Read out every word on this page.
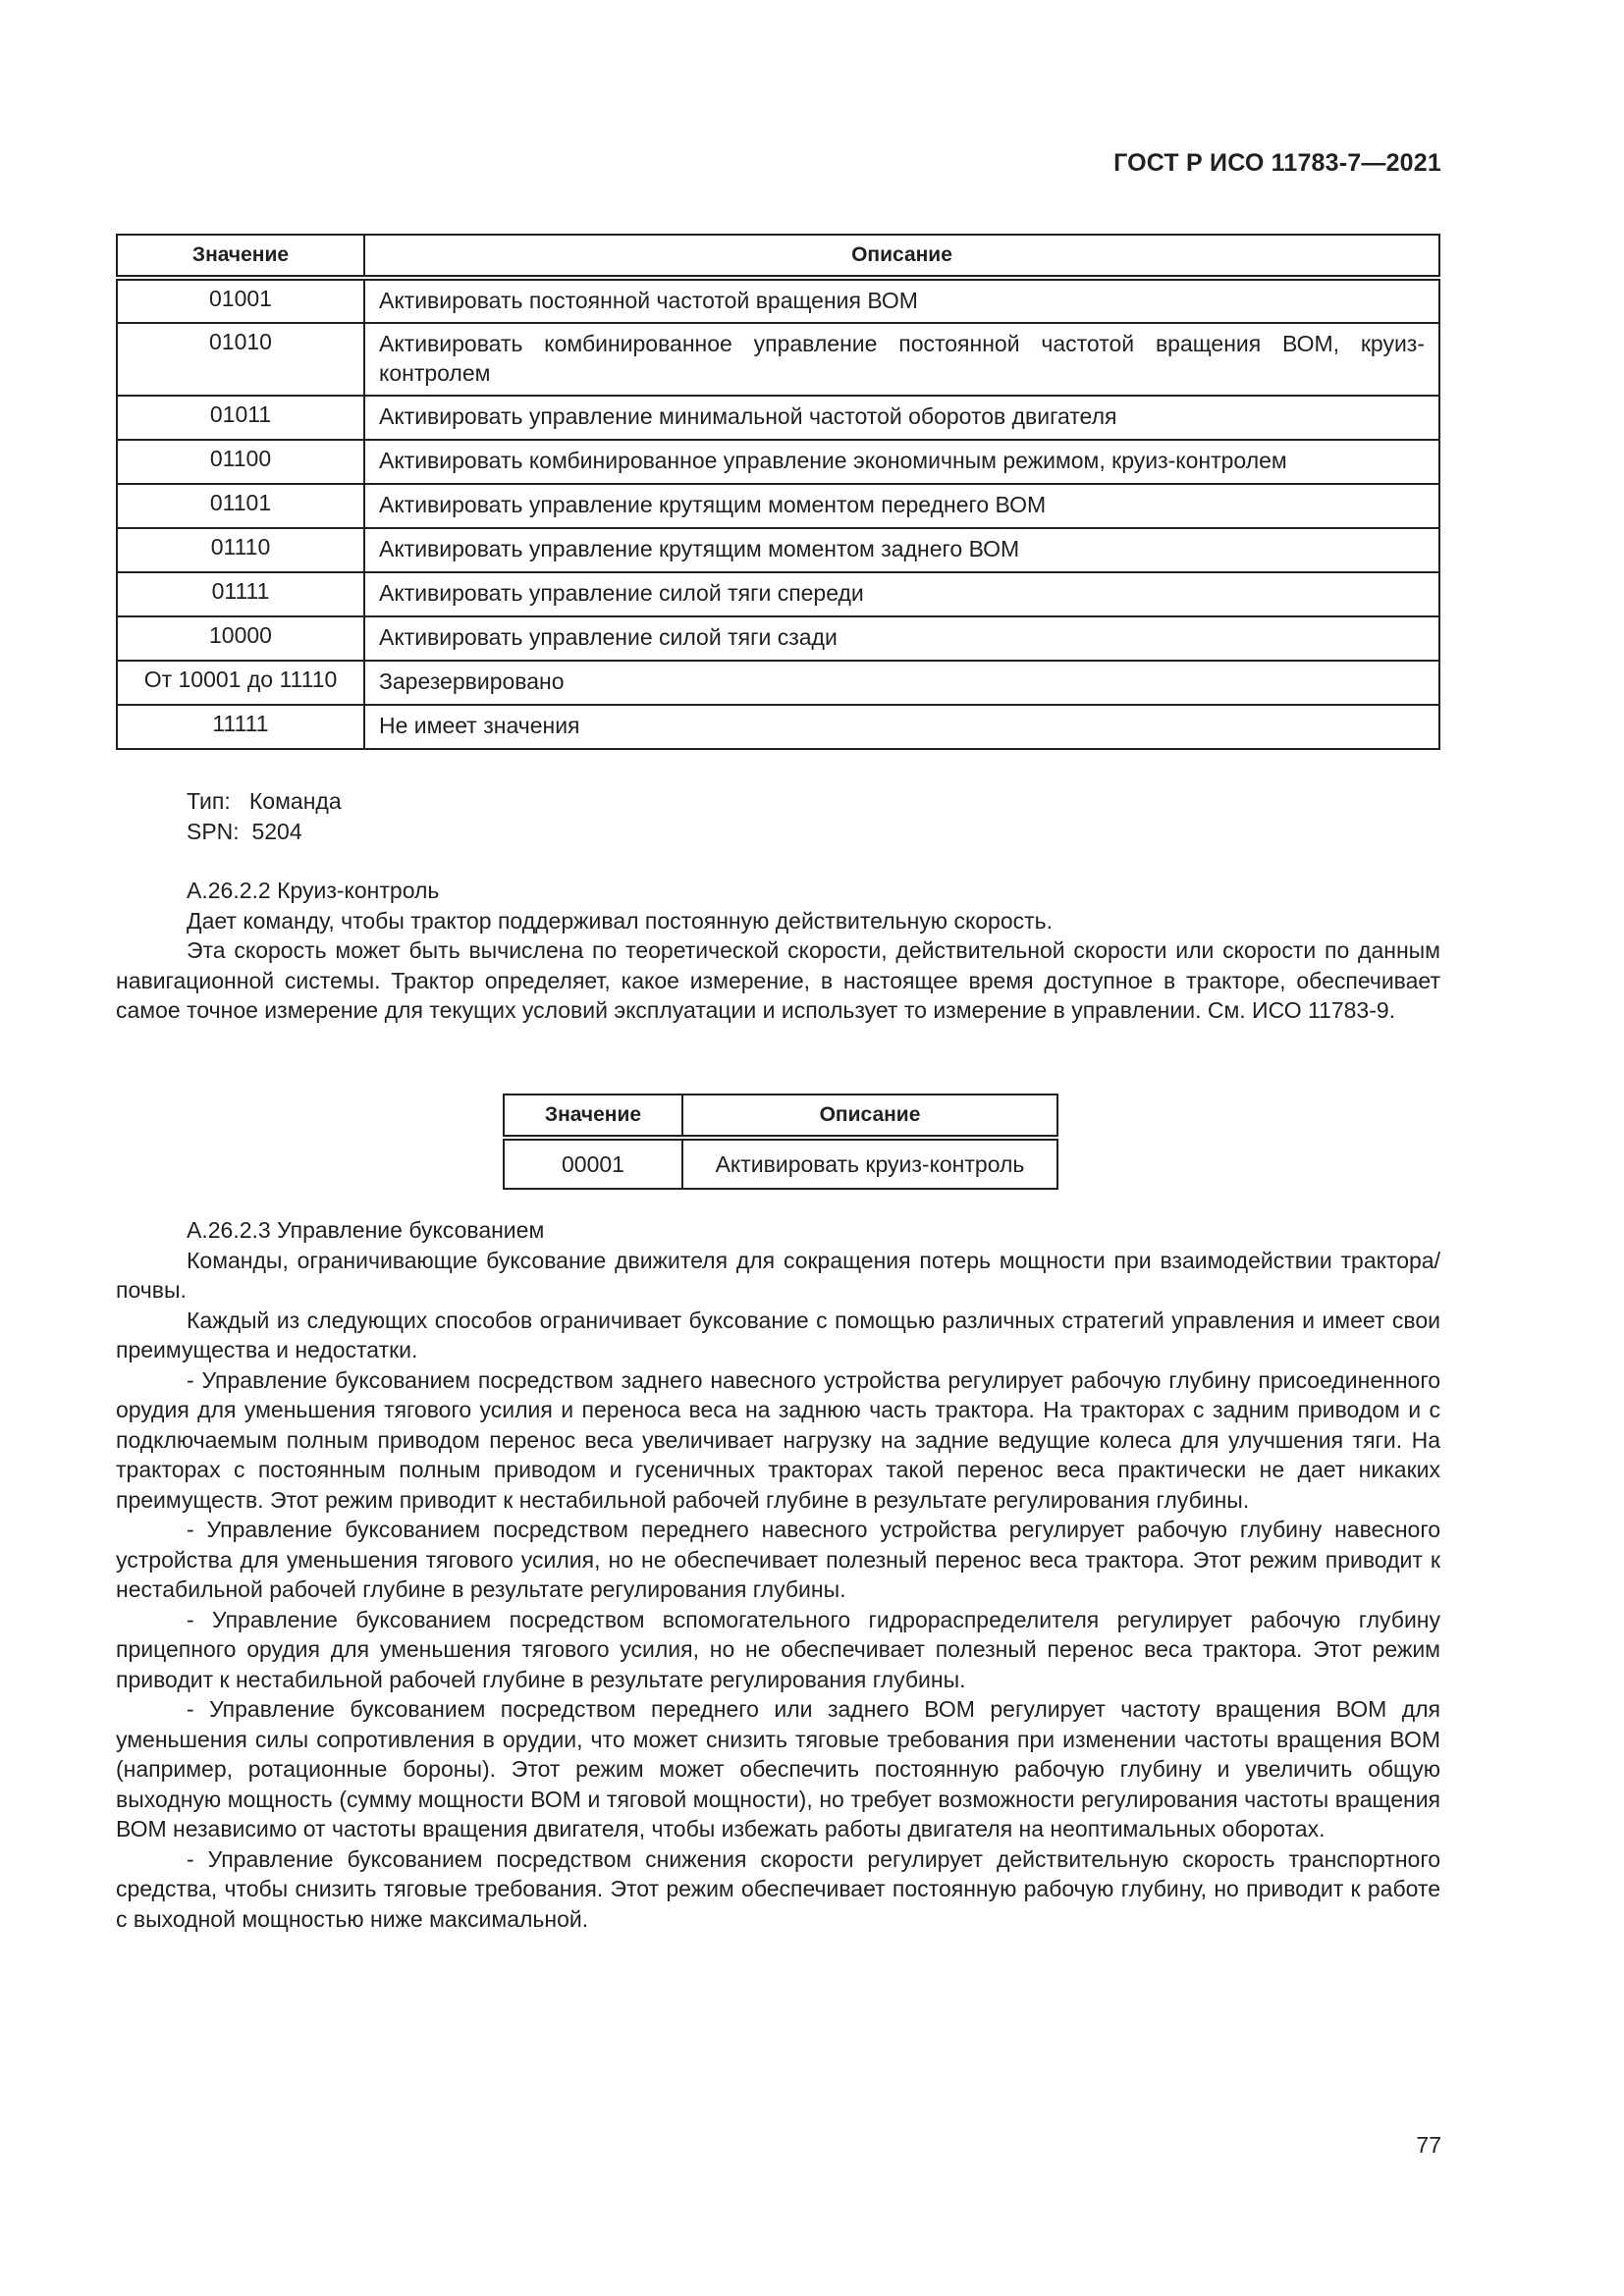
ГОСТ Р ИСО 11783-7—2021
Значение	Описание
01001	Активировать постоянной частотой вращения ВОМ
01010	Активировать комбинированное управление постоянной частотой вращения ВОМ, круиз-контролем
01011	Активировать управление минимальной частотой оборотов двигателя
01100	Активировать комбинированное управление экономичным режимом, круиз-контролем
01101	Активировать управление крутящим моментом переднего ВОМ
01110	Активировать управление крутящим моментом заднего ВОМ
01111	Активировать управление силой тяги спереди
10000	Активировать управление силой тяги сзади
От 10001 до 11110	Зарезервировано
11111	Не имеет значения

Тип:   Команда

SPN:  5204

А.26.2.2 Круиз-контроль

Дает команду, чтобы трактор поддерживал постоянную действительную скорость.

Эта скорость может быть вычислена по теоретической скорости, действительной скорости или скорости по данным навигационной системы. Трактор определяет, какое измерение, в настоящее время доступное в тракторе, обеспечивает самое точное измерение для текущих условий эксплуатации и использует то измерение в управлении. См. ИСО 11783-9.

Значение	Описание
00001	Активировать круиз-контроль

А.26.2.3 Управление буксованием

Команды, ограничивающие буксование движителя для сокращения потерь мощности при взаимодействии трактора/почвы.

Каждый из следующих способов ограничивает буксование с помощью различных стратегий управления и имеет свои преимущества и недостатки.

- Управление буксованием посредством заднего навесного устройства регулирует рабочую глубину присоединенного орудия для уменьшения тягового усилия и переноса веса на заднюю часть трактора. На тракторах с задним приводом и с подключаемым полным приводом перенос веса увеличивает нагрузку на задние ведущие колеса для улучшения тяги. На тракторах с постоянным полным приводом и гусеничных тракторах такой перенос веса практически не дает никаких преимуществ. Этот режим приводит к нестабильной рабочей глубине в результате регулирования глубины.

- Управление буксованием посредством переднего навесного устройства регулирует рабочую глубину навесного устройства для уменьшения тягового усилия, но не обеспечивает полезный перенос веса трактора. Этот режим приводит к нестабильной рабочей глубине в результате регулирования глубины.

- Управление буксованием посредством вспомогательного гидрораспределителя регулирует рабочую глубину прицепного орудия для уменьшения тягового усилия, но не обеспечивает полезный перенос веса трактора. Этот режим приводит к нестабильной рабочей глубине в результате регулирования глубины.

- Управление буксованием посредством переднего или заднего ВОМ регулирует частоту вращения ВОМ для уменьшения силы сопротивления в орудии, что может снизить тяговые требования при изменении частоты вращения ВОМ (например, ротационные бороны). Этот режим может обеспечить постоянную рабочую глубину и увеличить общую выходную мощность (сумму мощности ВОМ и тяговой мощности), но требует возможности регулирования частоты вращения ВОМ независимо от частоты вращения двигателя, чтобы избежать работы двигателя на неоптимальных оборотах.

- Управление буксованием посредством снижения скорости регулирует действительную скорость транспортного средства, чтобы снизить тяговые требования. Этот режим обеспечивает постоянную рабочую глубину, но приводит к работе с выходной мощностью ниже максимальной.

77
